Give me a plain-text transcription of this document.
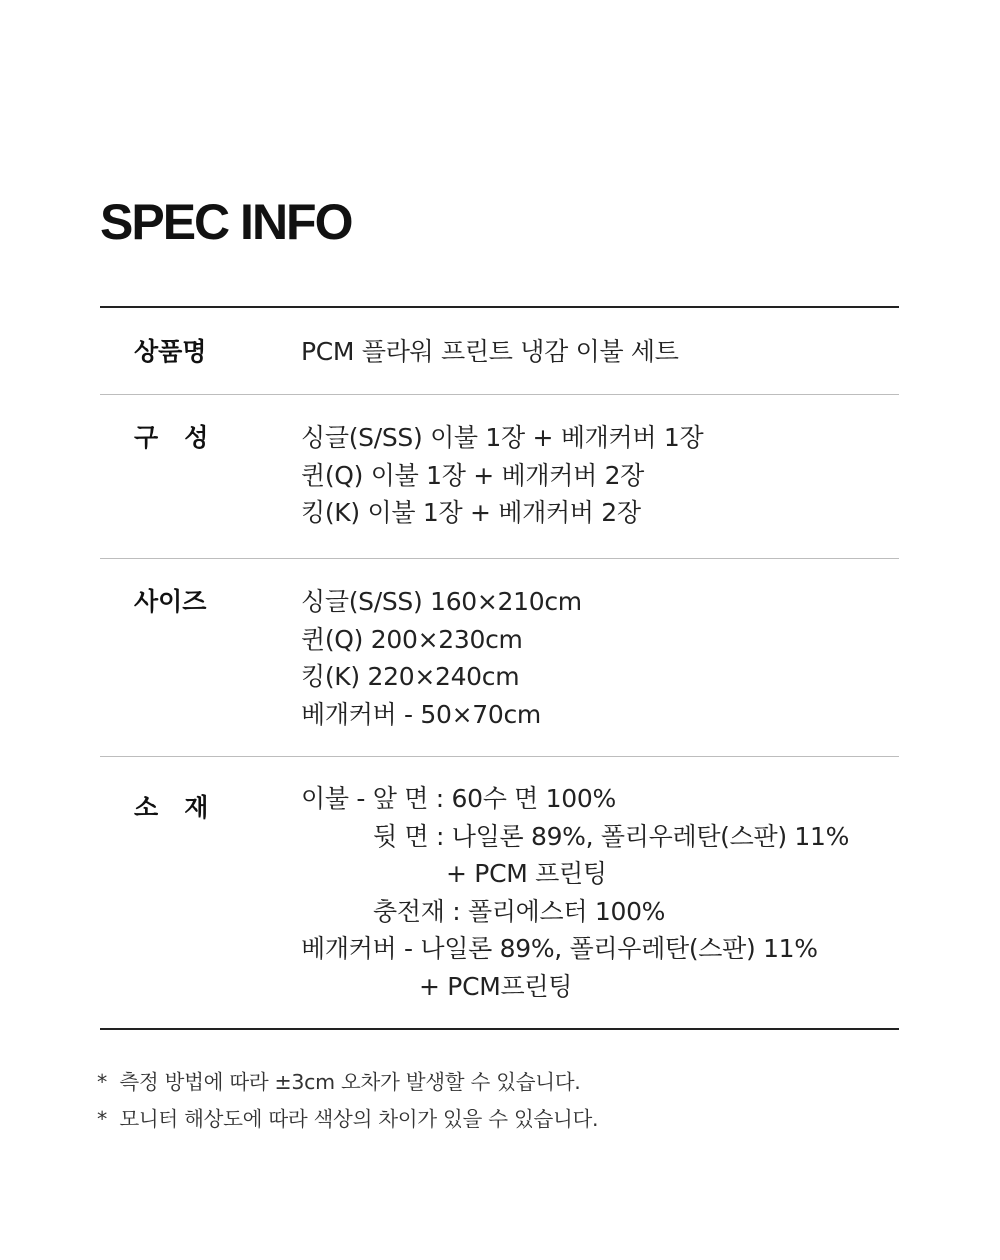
SPEC INFO
상품명	PCM 플라워 프린트 냉감 이불 세트
구   성	싱글(S/SS) 이불 1장 + 베개커버 1장
퀸(Q) 이불 1장 + 베개커버 2장
킹(K) 이불 1장 + 베개커버 2장
사이즈	싱글(S/SS) 160×210cm
퀸(Q) 200×230cm
킹(K) 220×240cm
베개커버 - 50×70cm
소   재	이불 - 앞 면 : 60수 면 100%
뒷 면 : 나일론 89%, 폴리우레탄(스판) 11%
+ PCM 프린팅
충전재 : 폴리에스터 100%
베개커버 - 나일론 89%, 폴리우레탄(스판) 11%
+ PCM프린팅
*  측정 방법에 따라 ±3cm 오차가 발생할 수 있습니다.
*  모니터 해상도에 따라 색상의 차이가 있을 수 있습니다.
